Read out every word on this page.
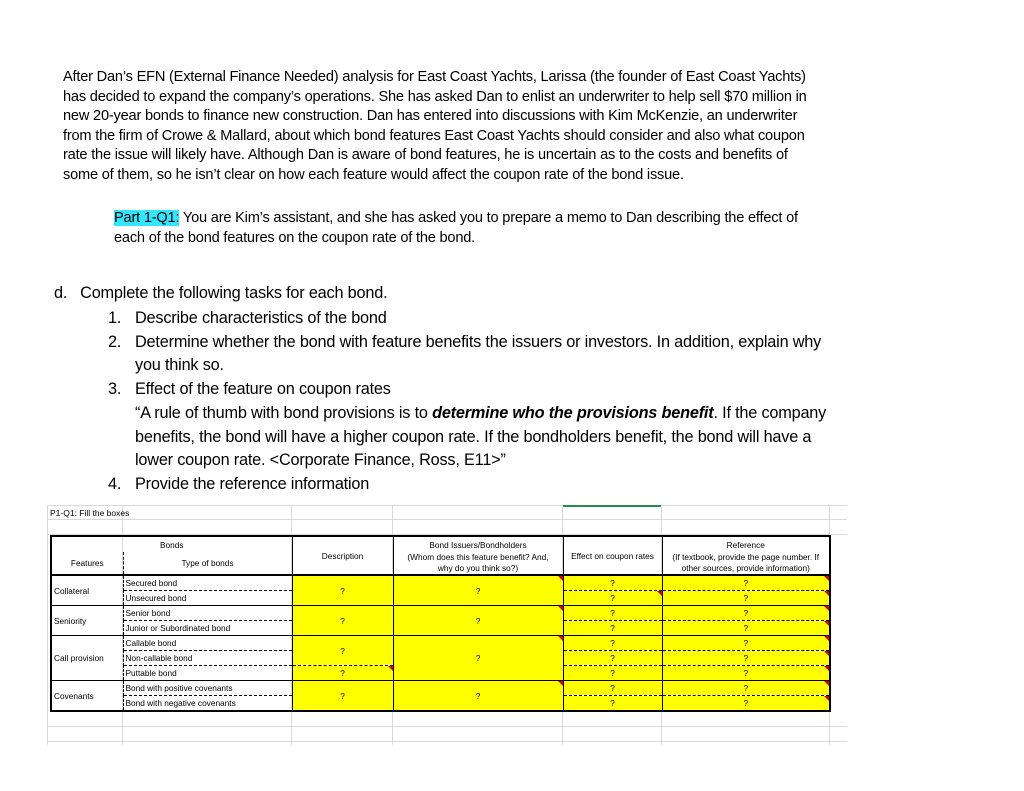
After Dan’s EFN (External Finance Needed) analysis for East Coast Yachts, Larissa (the founder of East Coast Yachts) has decided to expand the company’s operations. She has asked Dan to enlist an underwriter to help sell $70 million in new 20-year bonds to finance new construction. Dan has entered into discussions with Kim McKenzie, an underwriter from the firm of Crowe & Mallard, about which bond features East Coast Yachts should consider and also what coupon rate the issue will likely have. Although Dan is aware of bond features, he is uncertain as to the costs and benefits of some of them, so he isn’t clear on how each feature would affect the coupon rate of the bond issue.
Part 1-Q1: You are Kim’s assistant, and she has asked you to prepare a memo to Dan describing the effect of each of the bond features on the coupon rate of the bond.
d.   Complete the following tasks for each bond.
1. Describe characteristics of the bond
2. Determine whether the bond with feature benefits the issuers or investors. In addition, explain why you think so.
3. Effect of the feature on coupon rates
“A rule of thumb with bond provisions is to determine who the provisions benefit. If the company benefits, the bond will have a higher coupon rate. If the bondholders benefit, the bond will have a lower coupon rate. <Corporate Finance, Ross, E11>”
4. Provide the reference information
P1-Q1: Fill the boxes
Bonds		Description	Bond Issuers/Bondholders	Effect on coupon rates	Reference
Features	Type of bonds		(Whom does this feature benefit? And,
why do you think so?)		(If textbook, provide the page number. If
other sources, provide information)

Collateral	Secured bond	?	?	?	?
	Unsecured bond			?	?
Seniority	Senior bond	?	?	?	?
	Junior or Subordinated bond			?	?
Call provision	Callable bond	?	?	?	?
	Non-callable bond			?	?
	Puttable bond	?		?	?
Covenants	Bond with positive covenants	?	?	?	?
	Bond with negative covenants			?	?
